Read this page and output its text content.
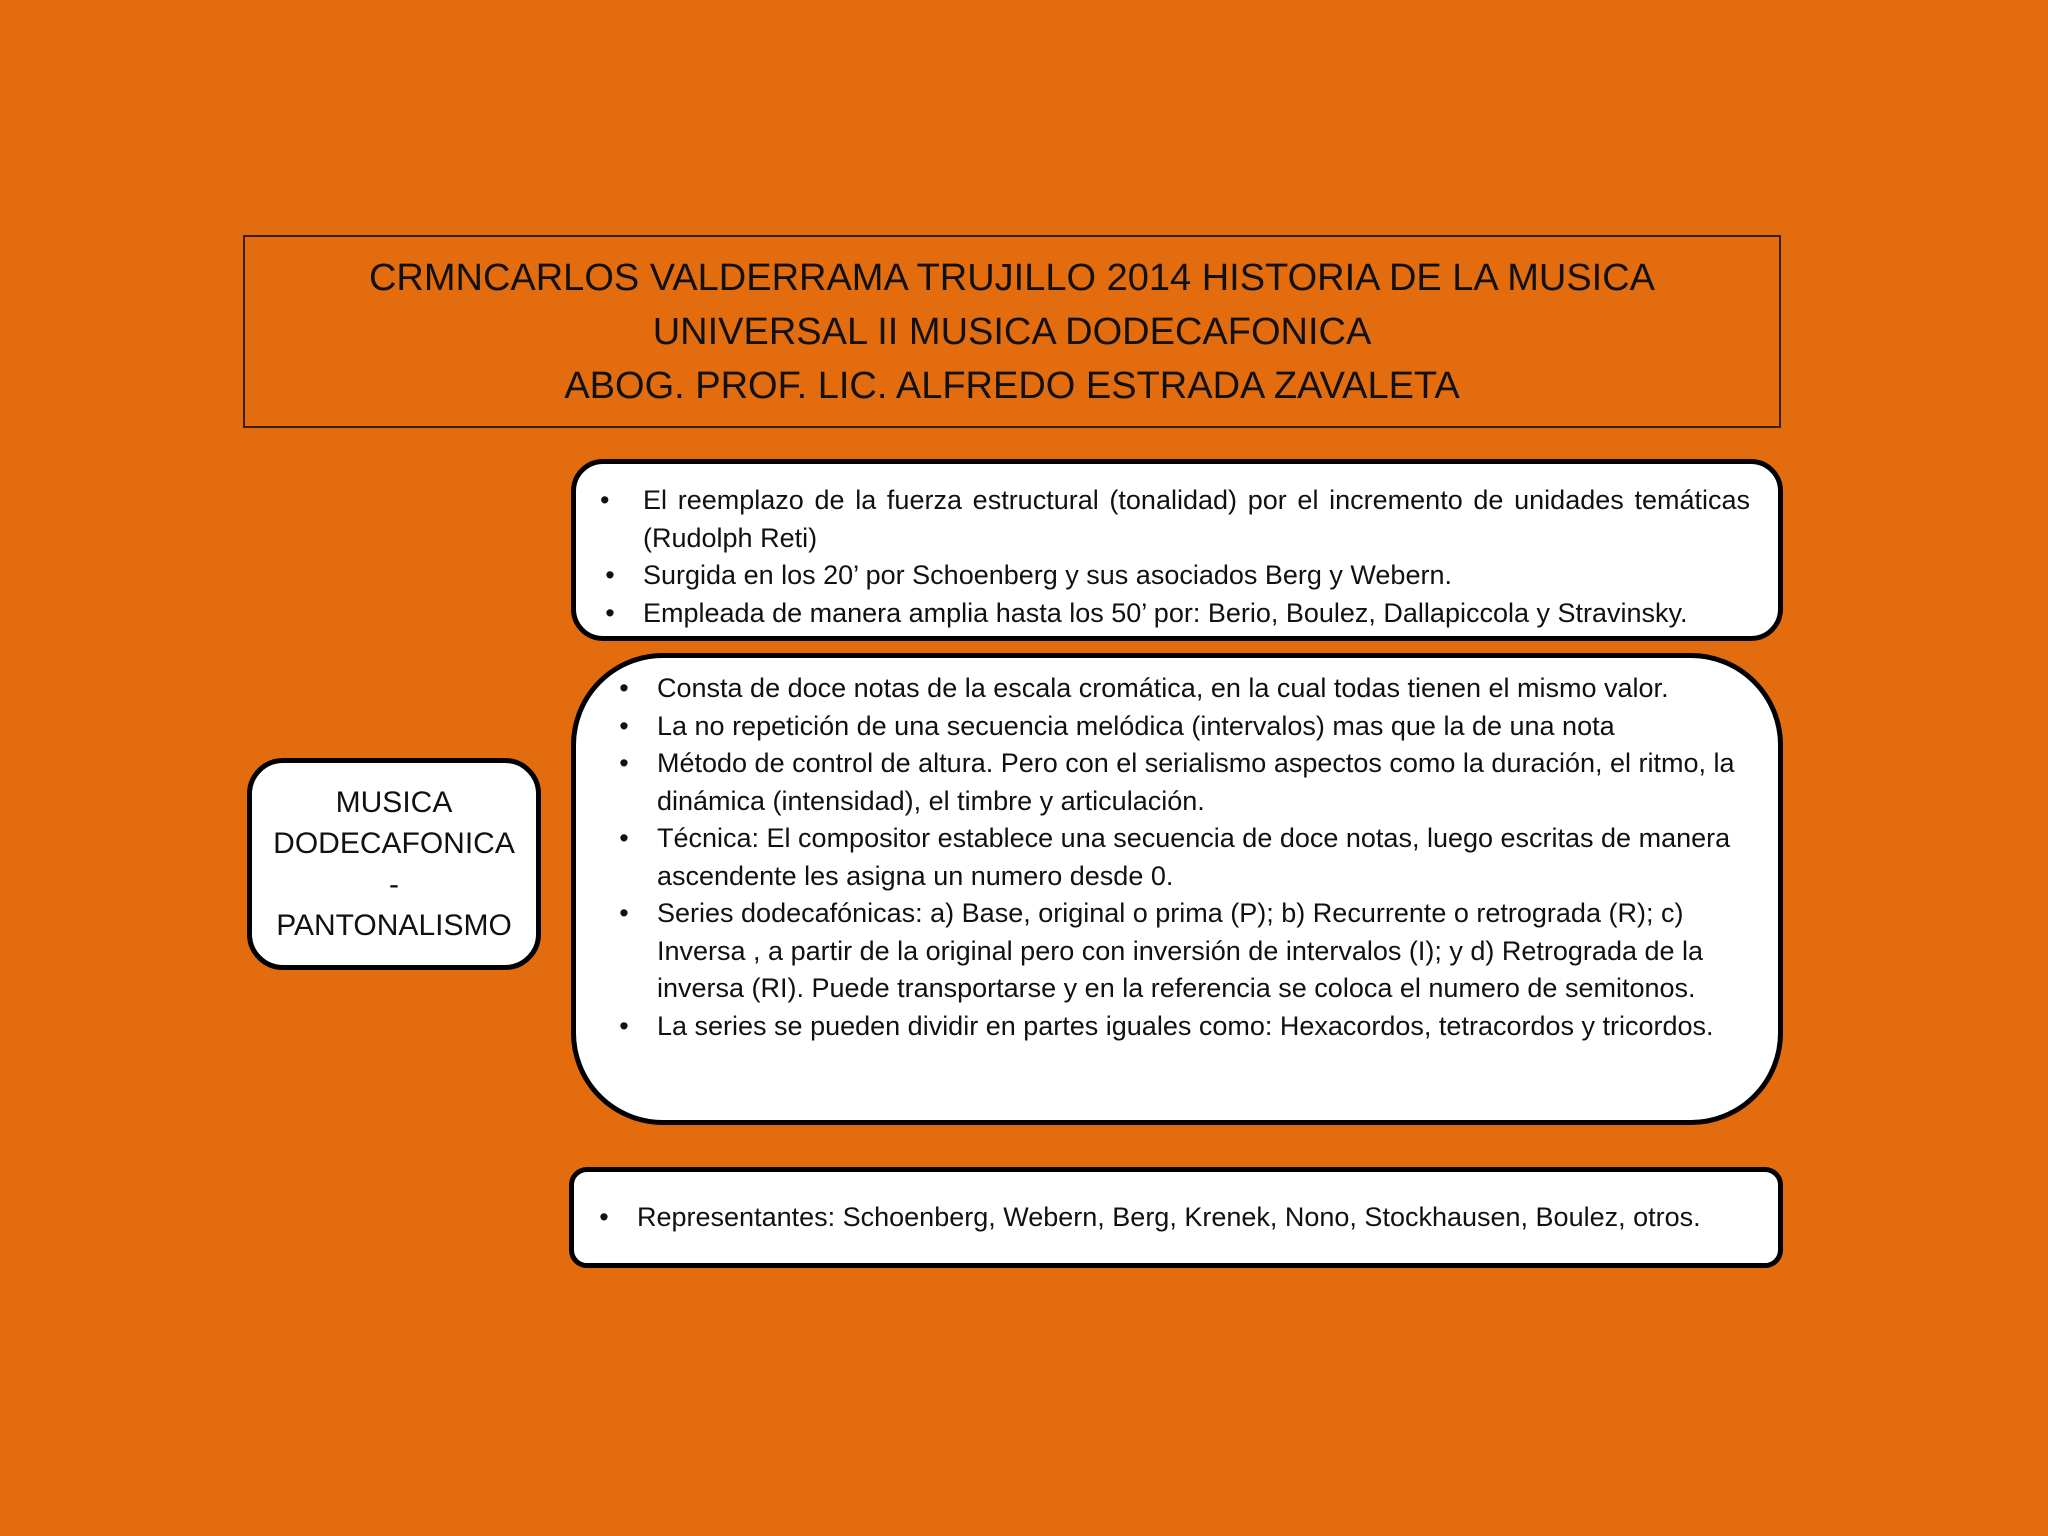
CRMNCARLOS VALDERRAMA TRUJILLO 2014 HISTORIA DE LA MUSICA
UNIVERSAL II MUSICA DODECAFONICA
ABOG. PROF. LIC. ALFREDO ESTRADA ZAVALETA
MUSICA
DODECAFONICA
-
PANTONALISMO
•	El reemplazo de la fuerza estructural (tonalidad) por el incremento de unidades temáticas (Rudolph Reti)
• Surgida en los 20’ por Schoenberg y sus asociados Berg y Webern.
• Empleada de manera amplia hasta los 50’ por: Berio, Boulez, Dallapiccola y Stravinsky.
• Consta de doce notas de la escala cromática, en la cual todas tienen el mismo valor.
• La no repetición de una secuencia melódica (intervalos) mas que la de una nota
• Método de control de altura. Pero con el serialismo aspectos como la duración, el ritmo, la dinámica (intensidad), el timbre y articulación.
• Técnica: El compositor establece una secuencia de doce notas, luego escritas de manera ascendente les asigna un numero desde 0.
• Series dodecafónicas: a) Base, original o prima (P); b) Recurrente o retrograda (R); c) Inversa , a partir de la original pero con inversión de intervalos (I); y d) Retrograda de la inversa (RI). Puede transportarse y en la referencia se coloca el numero de semitonos.
• La series se pueden dividir en partes iguales como: Hexacordos, tetracordos y tricordos.
• Representantes: Schoenberg, Webern, Berg, Krenek, Nono, Stockhausen, Boulez, otros.
